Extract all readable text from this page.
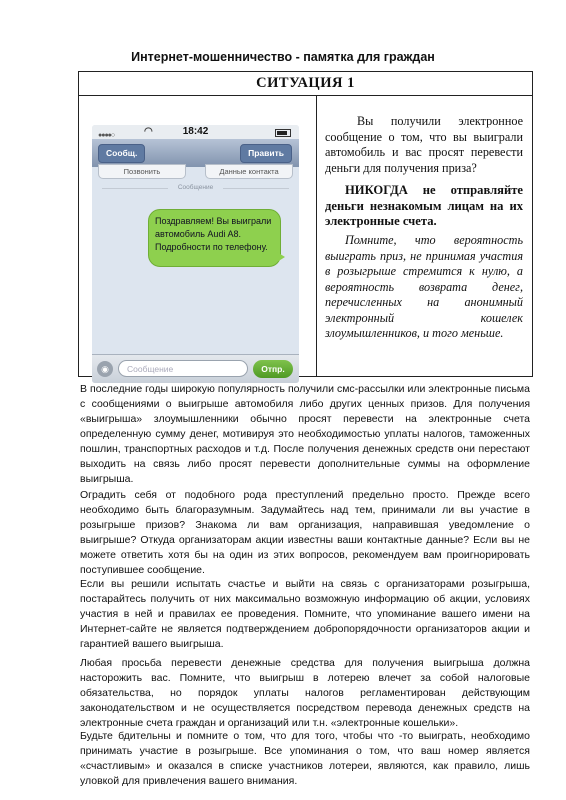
Интернет-мошенничество - памятка для граждан
СИТУАЦИЯ 1
●●●●○	◠	18:42
Сообщ.	Править
Позвонить	Данные контакта
Сообщение
Поздравляем! Вы выиграли автомобиль Audi A8. Подробности по телефону.
◉	Сообщение	Отпр.
Вы получили электронное сообщение о том, что вы выиграли автомобиль и вас просят перевести деньги для получения приза?
НИКОГДА не отправляйте деньги незнакомым лицам на их электронные счета.
Помните, что вероятность выиграть приз, не принимая участия в розыгрыше стремится к нулю, а вероятность возврата денег, перечисленных на анонимный электронный кошелек злоумышленников, и того меньше.
В последние годы широкую популярность получили смс-рассылки или электронные письма с сообщениями о выигрыше автомобиля либо других ценных призов. Для получения «выигрыша» злоумышленники обычно просят перевести на электронные счета определенную сумму денег, мотивируя это необходимостью уплаты налогов, таможенных пошлин, транспортных расходов и т.д. После получения денежных средств они перестают выходить на связь либо просят перевести дополнительные суммы на оформление выигрыша.
Оградить себя от подобного рода преступлений предельно просто. Прежде всего необходимо быть благоразумным. Задумайтесь над тем, принимали ли вы участие в розыгрыше призов? Знакома ли вам организация, направившая уведомление о выигрыше? Откуда организаторам акции известны ваши контактные данные? Если вы не можете ответить хотя бы на один из этих вопросов, рекомендуем вам проигнорировать поступившее сообщение.
Если вы решили испытать счастье и выйти на связь с организаторами розыгрыша, постарайтесь получить от них максимально возможную информацию об акции, условиях участия в ней и правилах ее проведения. Помните, что упоминание вашего имени на Интернет-сайте не является подтверждением добропорядочности организаторов акции и гарантией вашего выигрыша.
Любая просьба перевести денежные средства для получения выигрыша должна насторожить вас. Помните, что выигрыш в лотерею влечет за собой налоговые обязательства, но порядок уплаты налогов регламентирован действующим законодательством и не осуществляется посредством перевода денежных средств на электронные счета граждан и организаций или т.н. «электронные кошельки».
Будьте бдительны и помните о том, что для того, чтобы что -то выиграть, необходимо принимать участие в розыгрыше. Все упоминания о том, что ваш номер является «счастливым» и оказался в списке участников лотереи, являются, как правило, лишь уловкой для привлечения вашего внимания.
